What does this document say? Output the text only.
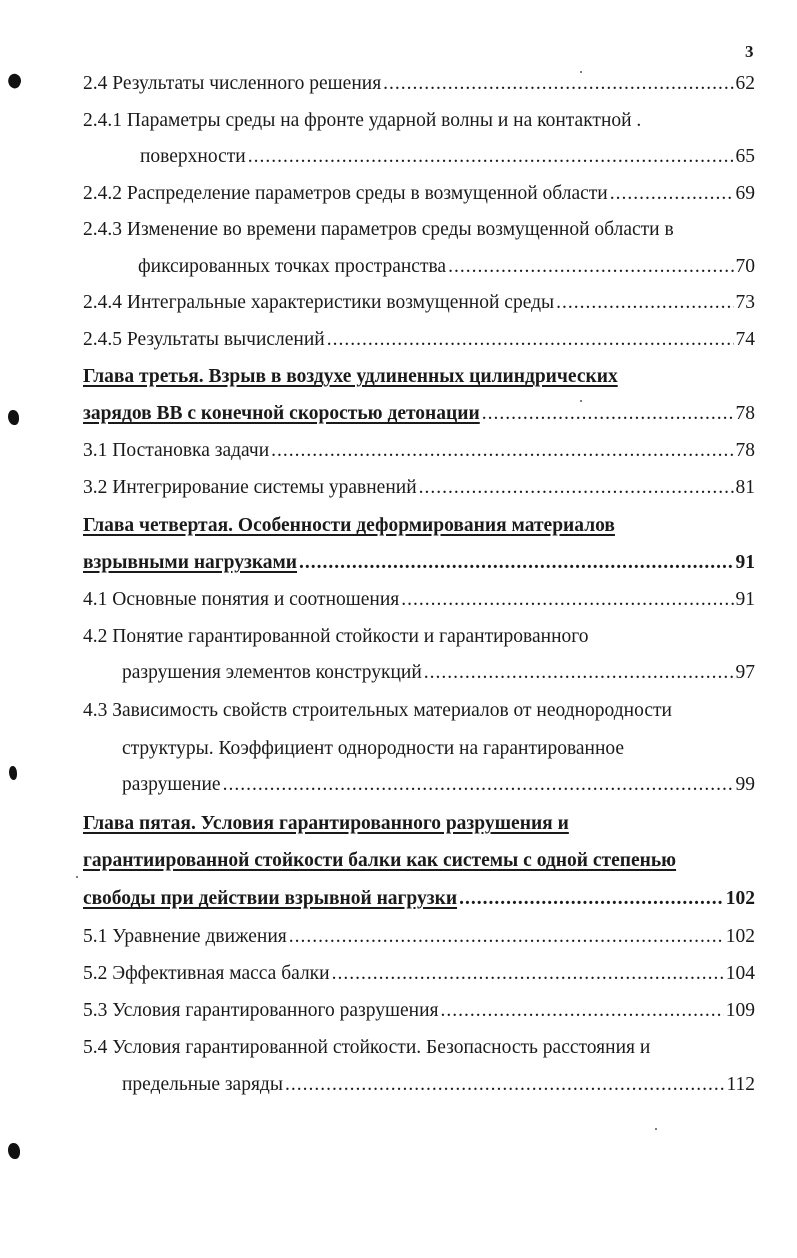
3
2.4 Результаты численного решения .....	62
2.4.1 Параметры среды на фронте ударной волны и на контактной .
поверхности .....	65
2.4.2 Распределение параметров среды в возмущенной области .....	69
2.4.3 Изменение во времени параметров среды возмущенной области в
фиксированных точках пространства .....	70
2.4.4 Интегральные характеристики возмущенной среды .....	73
2.4.5 Результаты вычислений .....	74
Глава третья. Взрыв в воздухе удлиненных цилиндрических
зарядов ВВ с конечной скоростью детонации .....	78
3.1 Постановка задачи .....	78
3.2 Интегрирование системы уравнений .....	81
Глава четвертая. Особенности деформирования материалов
взрывными нагрузками .....	91
4.1 Основные понятия и соотношения .....	91
4.2 Понятие гарантированной стойкости и гарантированного
разрушения элементов конструкций .....	97
4.3 Зависимость свойств строительных материалов от неоднородности
структуры. Коэффициент однородности на гарантированное
разрушение .....	99
Глава пятая. Условия гарантированного разрушения и
гарантиированной стойкости балки как системы с одной степенью
свободы при действии взрывной нагрузки .....	102
5.1 Уравнение движения .....	102
5.2 Эффективная масса балки .....	104
5.3 Условия гарантированного разрушения .....	109
5.4 Условия гарантированной стойкости. Безопасность расстояния и
предельные заряды .....	112
